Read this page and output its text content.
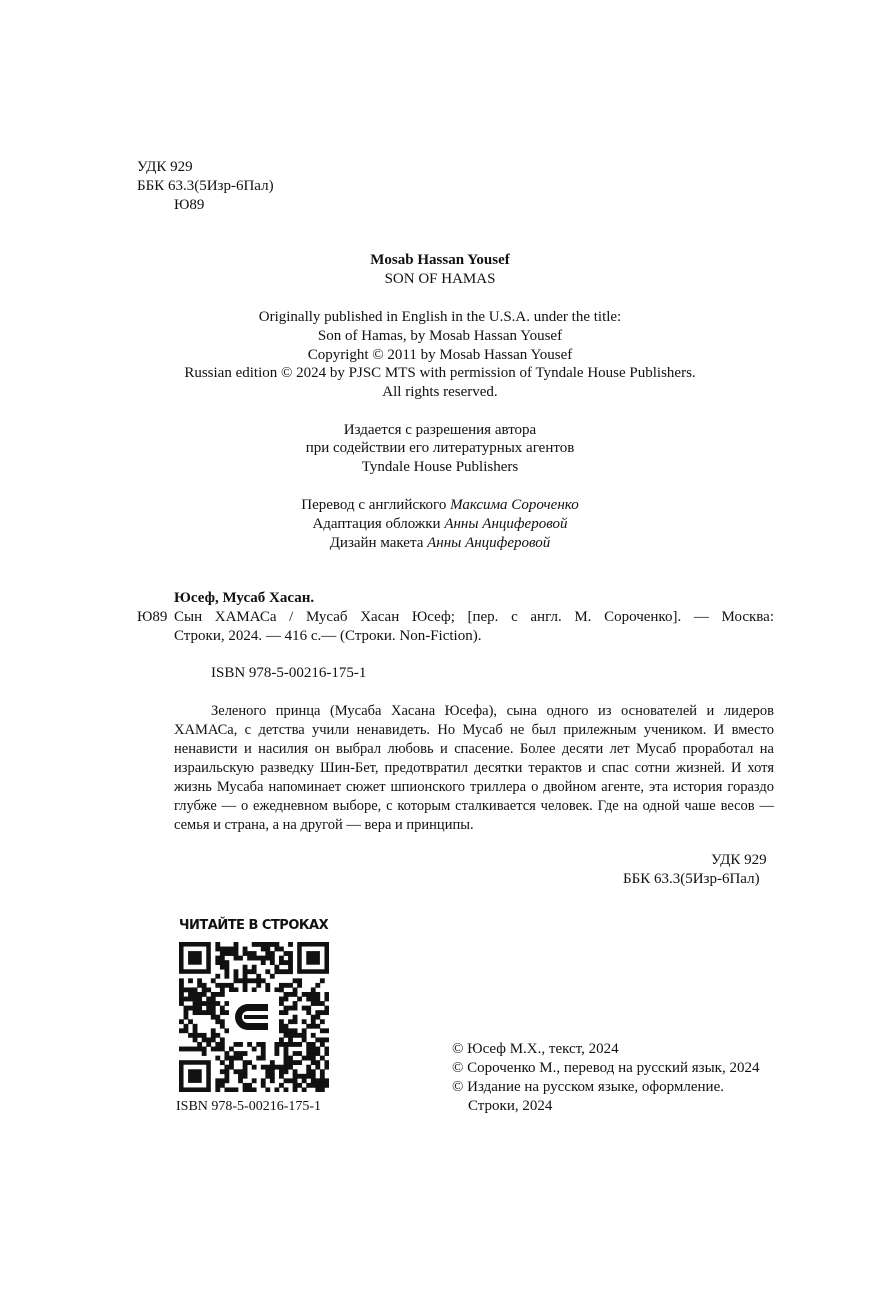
УДК 929
ББК 63.3(5Изр-6Пал)
Ю89
Mosab Hassan Yousef
SON OF HAMAS
Originally published in English in the U.S.A. under the title:
Son of Hamas, by Mosab Hassan Yousef
Copyright © 2011 by Mosab Hassan Yousef
Russian edition © 2024 by PJSC MTS with permission of Tyndale House Publishers.
All rights reserved.
Издается с разрешения автора
при содействии его литературных агентов
Tyndale House Publishers
Перевод с английского Максима Сороченко
Адаптация обложки Анны Анциферовой
Дизайн макета Анны Анциферовой
Юсеф, Мусаб Хасан.
Ю89 Сын ХАМАСа / Мусаб Хасан Юсеф; [пер. с англ. М. Сороченко]. — Москва:
Строки, 2024. — 416 с.— (Строки. Non-Fiction).
ISBN 978-5-00216-175-1
Зеленого принца (Мусаба Хасана Юсефа), сына одного из основателей и лидеров ХАМАСа, с детства учили ненавидеть. Но Мусаб не был прилежным учеником. И вместо ненависти и насилия он выбрал любовь и спасение. Более десяти лет Мусаб проработал на израильскую разведку Шин-Бет, предотвратил десятки терактов и спас сотни жизней. И хотя жизнь Мусаба напоминает сюжет шпионского триллера о двойном агенте, эта история гораздо глубже — о ежедневном выборе, с которым сталкивается человек. Где на одной чаше весов — семья и страна, а на другой — вера и принципы.
УДК 929
ББК 63.3(5Изр-6Пал)
ЧИТАЙТЕ В СТРОКАХ
ISBN 978-5-00216-175-1
© Юсеф М.Х., текст, 2024
© Сороченко М., перевод на русский язык, 2024
© Издание на русском языке, оформление.
Строки, 2024
